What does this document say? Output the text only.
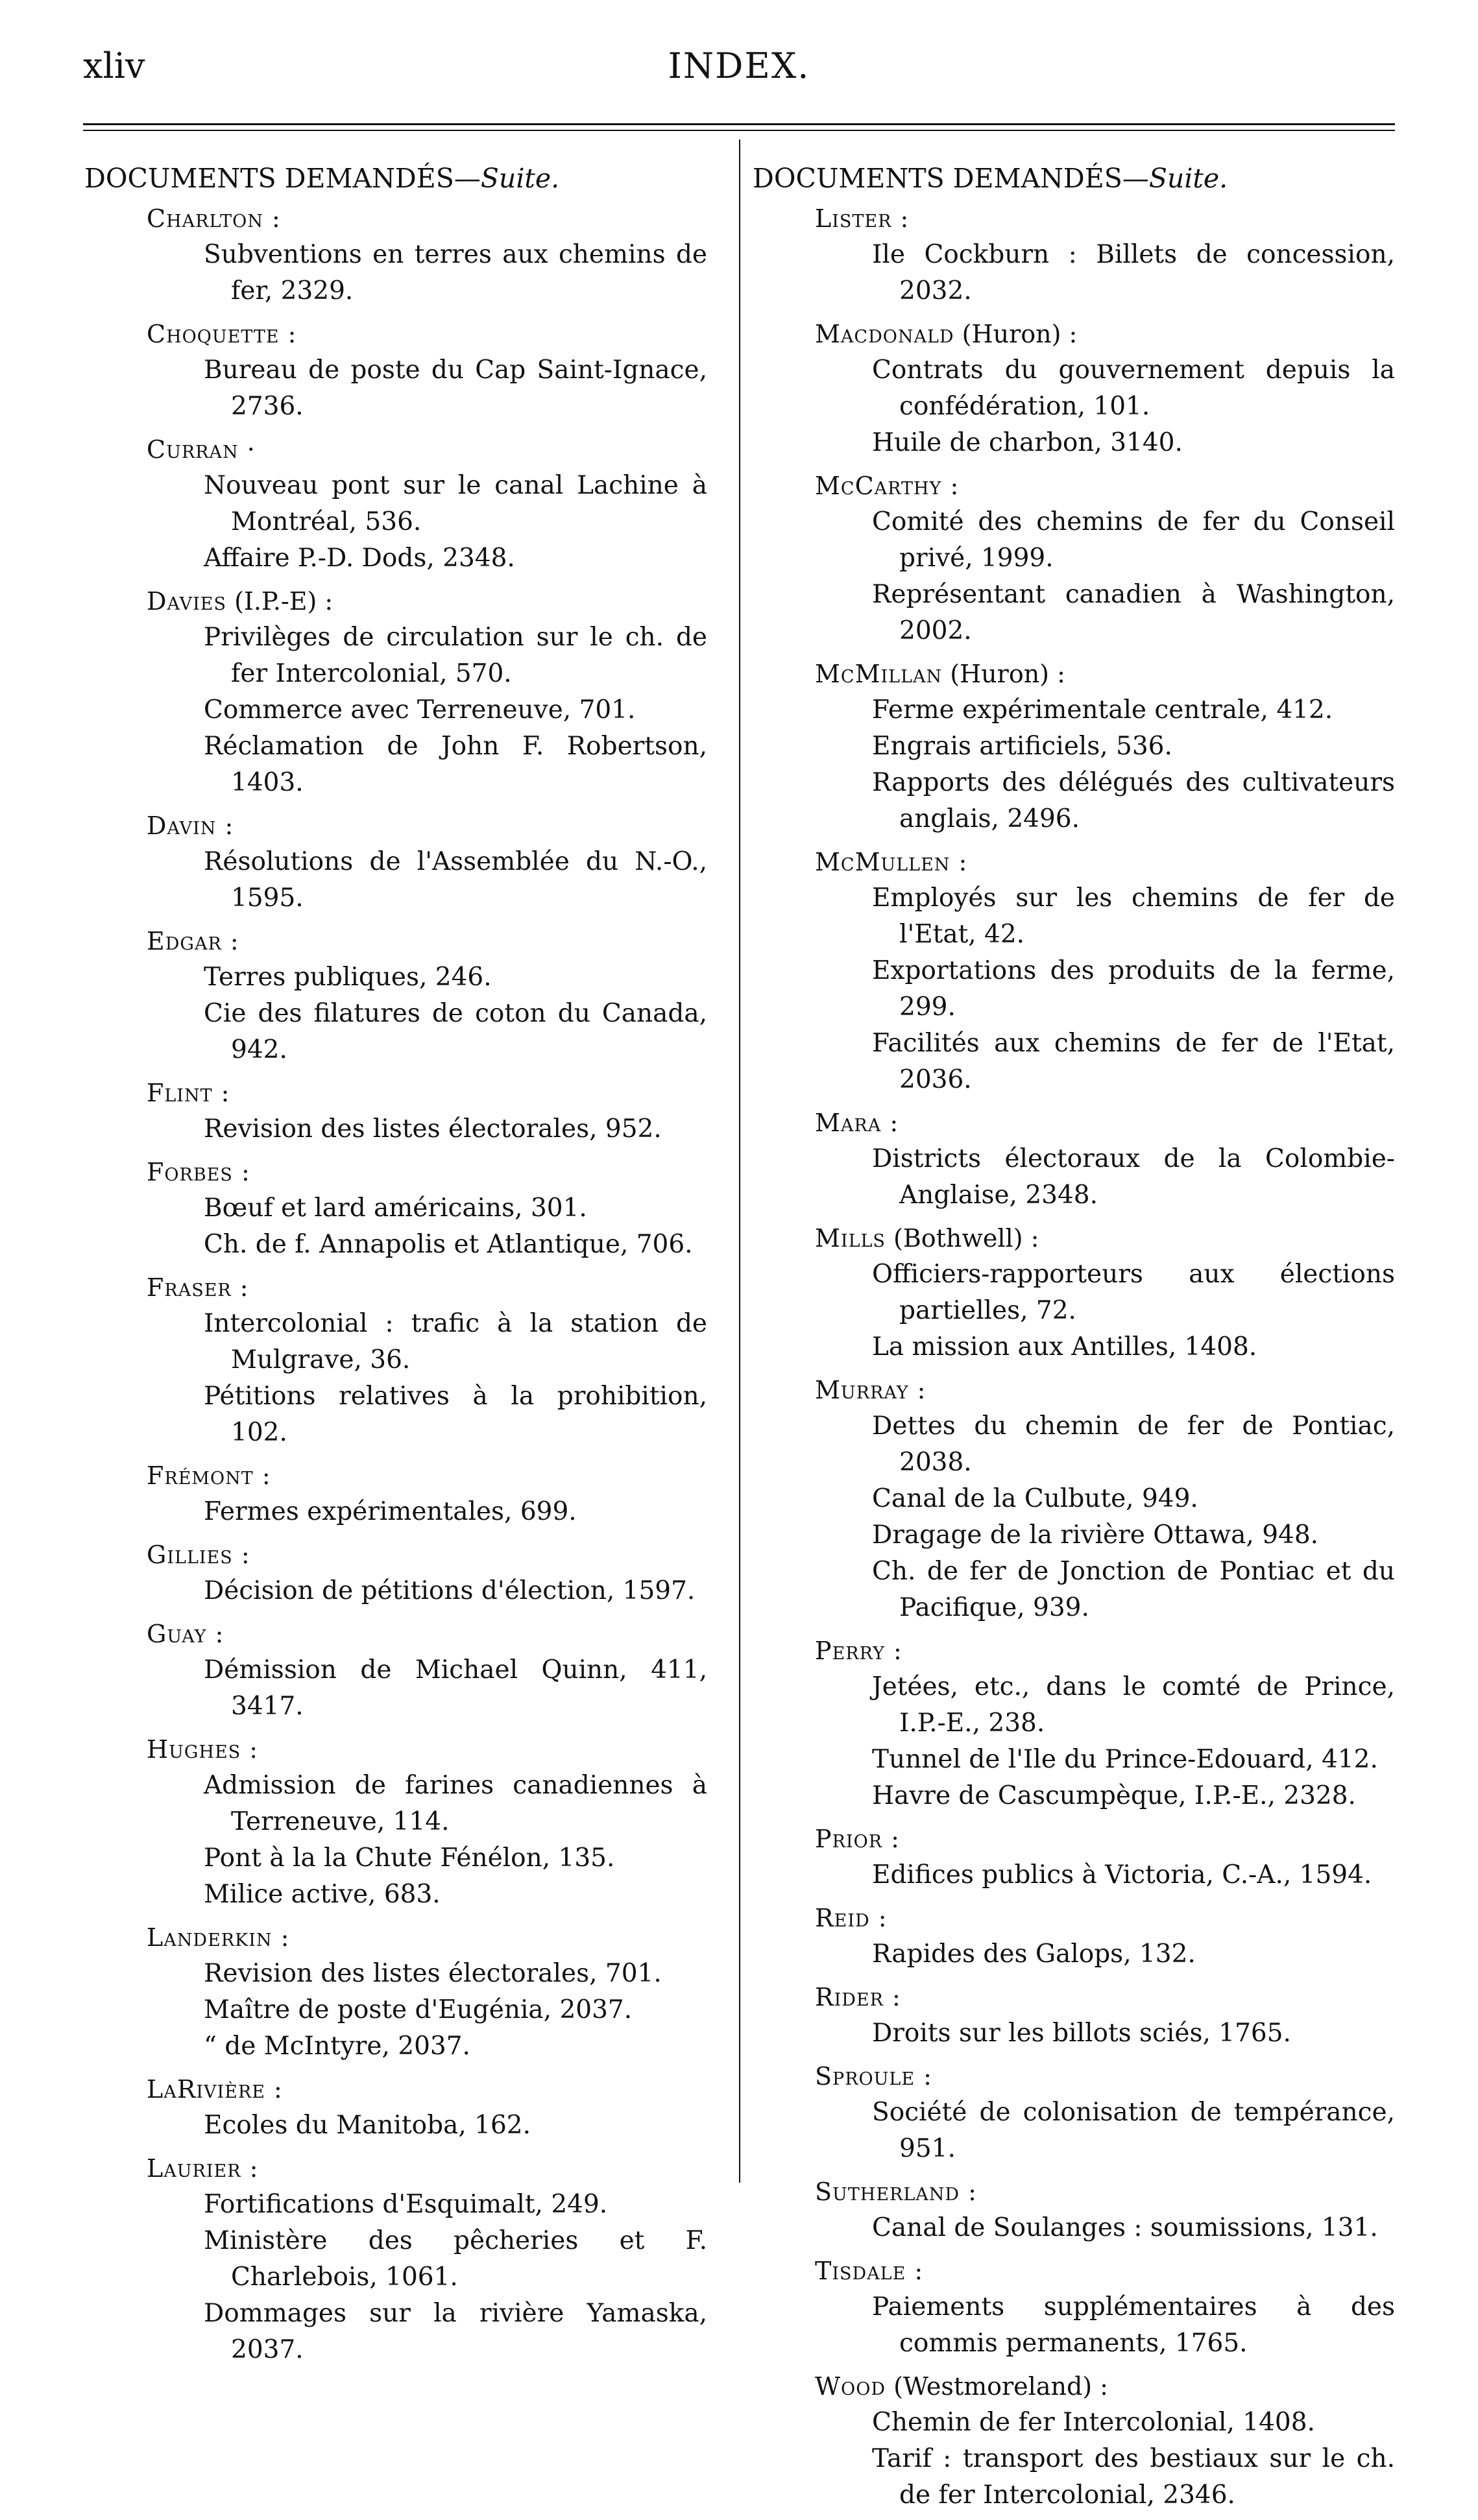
xliv	INDEX.
DOCUMENTS DEMANDÉS—Suite.
Charlton :
Subventions en terres aux chemins de fer, 2329.
Choquette :
Bureau de poste du Cap Saint-Ignace, 2736.
Curran ·
Nouveau pont sur le canal Lachine à Montréal, 536.
Affaire P.-D. Dods, 2348.
Davies (I.P.-E) :
Privilèges de circulation sur le ch. de fer Intercolonial, 570.
Commerce avec Terreneuve, 701.
Réclamation de John F. Robertson, 1403.
Davin :
Résolutions de l'Assemblée du N.-O., 1595.
Edgar :
Terres publiques, 246.
Cie des filatures de coton du Canada, 942.
Flint :
Revision des listes électorales, 952.
Forbes :
Bœuf et lard américains, 301.
Ch. de f. Annapolis et Atlantique, 706.
Fraser :
Intercolonial : trafic à la station de Mulgrave, 36.
Pétitions relatives à la prohibition, 102.
Frémont :
Fermes expérimentales, 699.
Gillies :
Décision de pétitions d'élection, 1597.
Guay :
Démission de Michael Quinn, 411, 3417.
Hughes :
Admission de farines canadiennes à Terreneuve, 114.
Pont à la la Chute Fénélon, 135.
Milice active, 683.
Landerkin :
Revision des listes électorales, 701.
Maître de poste d'Eugénia, 2037.
“ de McIntyre, 2037.
LaRivière :
Ecoles du Manitoba, 162.
Laurier :
Fortifications d'Esquimalt, 249.
Ministère des pêcheries et F. Charlebois, 1061.
Dommages sur la rivière Yamaska, 2037.
DOCUMENTS DEMANDÉS—Suite.
Lister :
Ile Cockburn : Billets de concession, 2032.
Macdonald (Huron) :
Contrats du gouvernement depuis la confédération, 101.
Huile de charbon, 3140.
McCarthy :
Comité des chemins de fer du Conseil privé, 1999.
Représentant canadien à Washington, 2002.
McMillan (Huron) :
Ferme expérimentale centrale, 412.
Engrais artificiels, 536.
Rapports des délégués des cultivateurs anglais, 2496.
McMullen :
Employés sur les chemins de fer de l'Etat, 42.
Exportations des produits de la ferme, 299.
Facilités aux chemins de fer de l'Etat, 2036.
Mara :
Districts électoraux de la Colombie-Anglaise, 2348.
Mills (Bothwell) :
Officiers-rapporteurs aux élections partielles, 72.
La mission aux Antilles, 1408.
Murray :
Dettes du chemin de fer de Pontiac, 2038.
Canal de la Culbute, 949.
Dragage de la rivière Ottawa, 948.
Ch. de fer de Jonction de Pontiac et du Pacifique, 939.
Perry :
Jetées, etc., dans le comté de Prince, I.P.-E., 238.
Tunnel de l'Ile du Prince-Edouard, 412.
Havre de Cascumpèque, I.P.-E., 2328.
Prior :
Edifices publics à Victoria, C.-A., 1594.
Reid :
Rapides des Galops, 132.
Rider :
Droits sur les billots sciés, 1765.
Sproule :
Société de colonisation de tempérance, 951.
Sutherland :
Canal de Soulanges : soumissions, 131.
Tisdale :
Paiements supplémentaires à des commis permanents, 1765.
Wood (Westmoreland) :
Chemin de fer Intercolonial, 1408.
Tarif : transport des bestiaux sur le ch. de fer Intercolonial, 2346.
